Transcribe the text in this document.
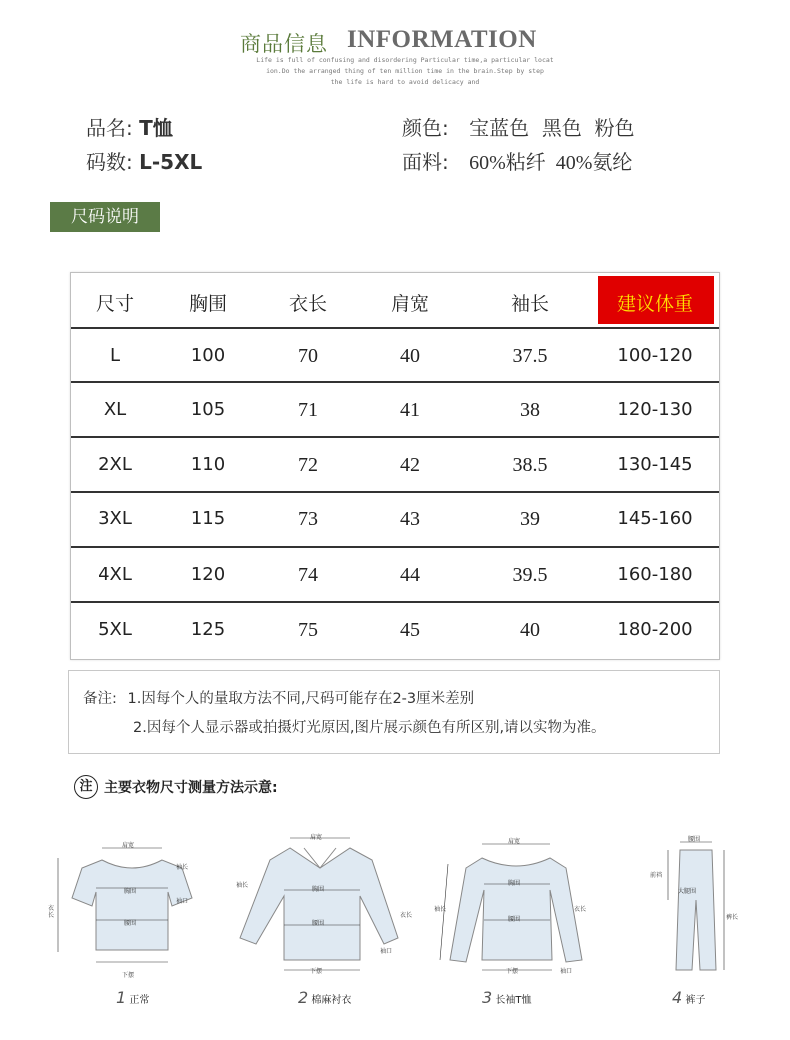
商品信息 INFORMATION
Life is full of confusing and disordering Particular time,a particular locat
ion.Do the arranged thing of ten million time in the brain.Step by step
the life is hard to avoid delicacy and
品名: T恤
码数: L-5XL
颜色: 宝蓝色  黑色  粉色
面料: 60%粘纤  40%氨纶
尺码说明
尺寸	胸围	衣长	肩宽	袖长	建议体重
L	100	70	40	37.5	100-120
XL	105	71	41	38	120-130
2XL	110	72	42	38.5	130-145
3XL	115	73	43	39	145-160
4XL	120	74	44	39.5	160-180
5XL	125	75	45	40	180-200
备注: 1.因每个人的量取方法不同,尺码可能存在2-3厘米差别
2.因每个人显示器或拍摄灯光原因,图片展示颜色有所区别,请以实物为准。
注 主要衣物尺寸测量方法示意:
肩宽
袖长
胸围
袖口
腰围
下摆
衣长
肩宽
胸围
腰围
下摆
袖长
衣长
袖口
肩宽
胸围
腰围
下摆
袖长	衣长
袖口
腰围
前裆
大腿围
裤长
1 正常	2 棉麻衬衣	3 长袖T恤	4 裤子
